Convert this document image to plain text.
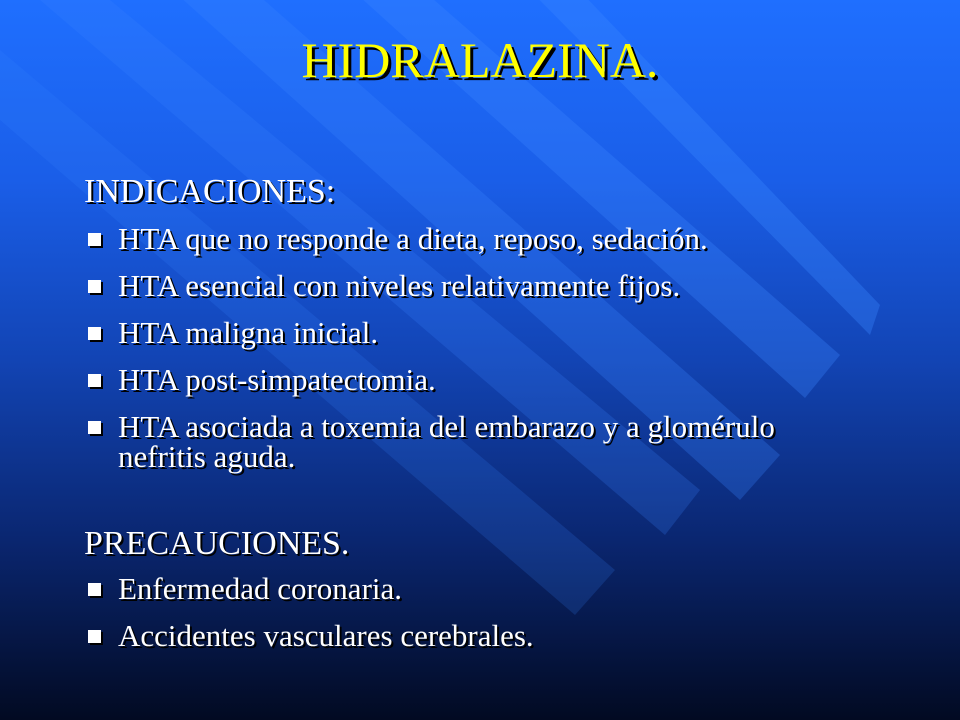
HIDRALAZINA.
INDICACIONES:
HTA que no responde a dieta, reposo, sedación.
HTA esencial con niveles relativamente fijos.
HTA maligna inicial.
HTA post-simpatectomia.
HTA asociada a toxemia del embarazo y a glomérulo nefritis aguda.
PRECAUCIONES.
Enfermedad coronaria.
Accidentes vasculares cerebrales.
